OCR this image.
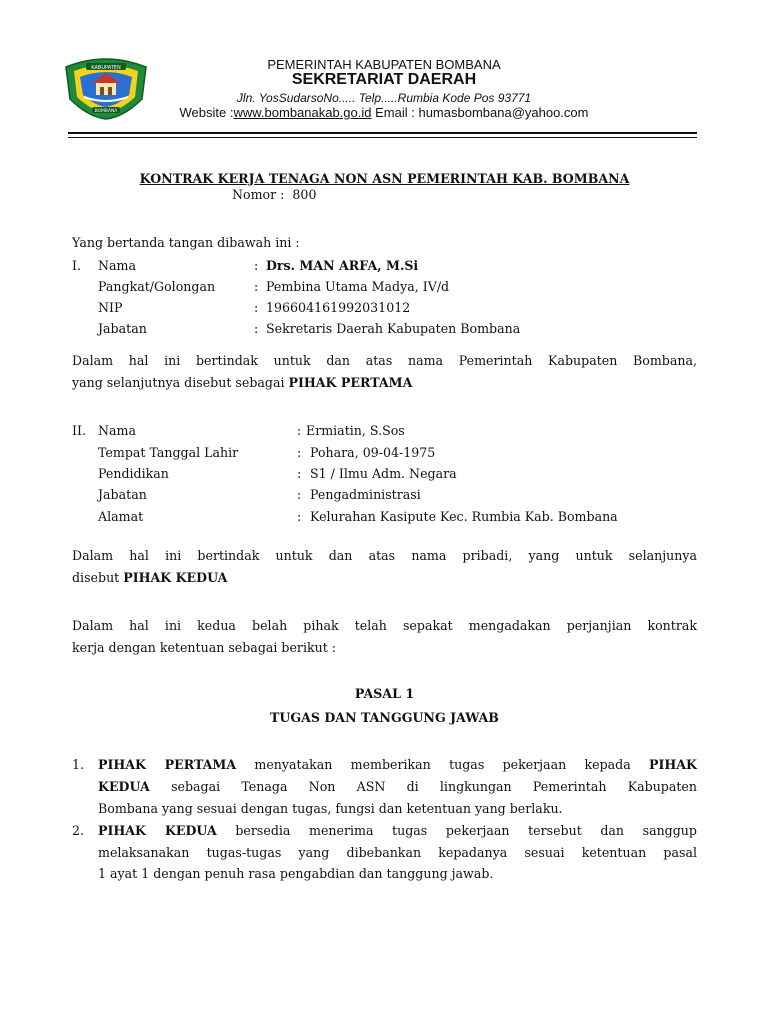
KABUPATEN
BOMBANA
PEMERINTAH KABUPATEN BOMBANA
SEKRETARIAT DAERAH
Jln. YosSudarsoNo..... Telp.....Rumbia Kode Pos 93771
Website :www.bombanakab.go.id Email : humasbombana@yahoo.com
KONTRAK KERJA TENAGA NON ASN PEMERINTAH KAB. BOMBANA
Nomor : 800
Yang bertanda tangan dibawah ini :
I. Nama	: Drs. MAN ARFA, M.Si
Pangkat/Golongan	: Pembina Utama Madya, IV/d
NIP	: 196604161992031012
Jabatan	: Sekretaris Daerah Kabupaten Bombana
Dalam hal ini bertindak untuk dan atas nama Pemerintah Kabupaten Bombana,
yang selanjutnya disebut sebagai PIHAK PERTAMA
II. Nama	: Ermiatin, S.Sos
Tempat Tanggal Lahir	: Pohara, 09-04-1975
Pendidikan	: S1 / Ilmu Adm. Negara
Jabatan	: Pengadministrasi
Alamat	: Kelurahan Kasipute Kec. Rumbia Kab. Bombana
Dalam hal ini bertindak untuk dan atas nama pribadi, yang untuk selanjunya
disebut PIHAK KEDUA
Dalam hal ini kedua belah pihak telah sepakat mengadakan perjanjian kontrak
kerja dengan ketentuan sebagai berikut :
PASAL 1
TUGAS DAN TANGGUNG JAWAB
1. PIHAK PERTAMA menyatakan memberikan tugas pekerjaan kepada PIHAK
KEDUA sebagai Tenaga Non ASN di lingkungan Pemerintah Kabupaten
Bombana yang sesuai dengan tugas, fungsi dan ketentuan yang berlaku.
2. PIHAK KEDUA bersedia menerima tugas pekerjaan tersebut dan sanggup
melaksanakan tugas-tugas yang dibebankan kepadanya sesuai ketentuan pasal
1 ayat 1 dengan penuh rasa pengabdian dan tanggung jawab.
